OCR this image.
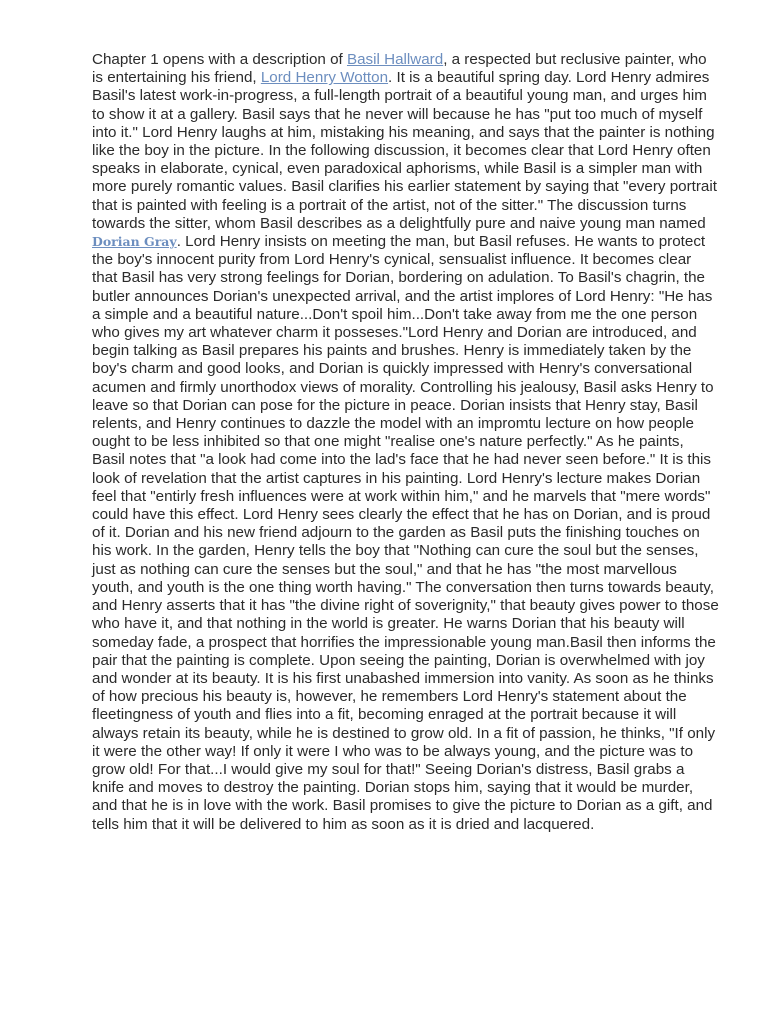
Chapter 1 opens with a description of Basil Hallward, a respected but reclusive painter, who is entertaining his friend, Lord Henry Wotton. It is a beautiful spring day. Lord Henry admires Basil's latest work-in-progress, a full-length portrait of a beautiful young man, and urges him to show it at a gallery. Basil says that he never will because he has "put too much of myself into it." Lord Henry laughs at him, mistaking his meaning, and says that the painter is nothing like the boy in the picture. In the following discussion, it becomes clear that Lord Henry often speaks in elaborate, cynical, even paradoxical aphorisms, while Basil is a simpler man with more purely romantic values. Basil clarifies his earlier statement by saying that "every portrait that is painted with feeling is a portrait of the artist, not of the sitter." The discussion turns towards the sitter, whom Basil describes as a delightfully pure and naive young man named Dorian Gray. Lord Henry insists on meeting the man, but Basil refuses. He wants to protect the boy's innocent purity from Lord Henry's cynical, sensualist influence. It becomes clear that Basil has very strong feelings for Dorian, bordering on adulation. To Basil's chagrin, the butler announces Dorian's unexpected arrival, and the artist implores of Lord Henry: "He has a simple and a beautiful nature...Don't spoil him...Don't take away from me the one person who gives my art whatever charm it posseses."Lord Henry and Dorian are introduced, and begin talking as Basil prepares his paints and brushes. Henry is immediately taken by the boy's charm and good looks, and Dorian is quickly impressed with Henry's conversational acumen and firmly unorthodox views of morality. Controlling his jealousy, Basil asks Henry to leave so that Dorian can pose for the picture in peace. Dorian insists that Henry stay, Basil relents, and Henry continues to dazzle the model with an impromtu lecture on how people ought to be less inhibited so that one might "realise one's nature perfectly." As he paints, Basil notes that "a look had come into the lad's face that he had never seen before." It is this look of revelation that the artist captures in his painting. Lord Henry's lecture makes Dorian feel that "entirly fresh influences were at work within him," and he marvels that "mere words" could have this effect. Lord Henry sees clearly the effect that he has on Dorian, and is proud of it. Dorian and his new friend adjourn to the garden as Basil puts the finishing touches on his work. In the garden, Henry tells the boy that "Nothing can cure the soul but the senses, just as nothing can cure the senses but the soul," and that he has "the most marvellous youth, and youth is the one thing worth having." The conversation then turns towards beauty, and Henry asserts that it has "the divine right of soverignity," that beauty gives power to those who have it, and that nothing in the world is greater. He warns Dorian that his beauty will someday fade, a prospect that horrifies the impressionable young man.Basil then informs the pair that the painting is complete. Upon seeing the painting, Dorian is overwhelmed with joy and wonder at its beauty. It is his first unabashed immersion into vanity. As soon as he thinks of how precious his beauty is, however, he remembers Lord Henry's statement about the fleetingness of youth and flies into a fit, becoming enraged at the portrait because it will always retain its beauty, while he is destined to grow old. In a fit of passion, he thinks, "If only it were the other way! If only it were I who was to be always young, and the picture was to grow old! For that...I would give my soul for that!" Seeing Dorian's distress, Basil grabs a knife and moves to destroy the painting. Dorian stops him, saying that it would be murder, and that he is in love with the work. Basil promises to give the picture to Dorian as a gift, and tells him that it will be delivered to him as soon as it is dried and lacquered.
